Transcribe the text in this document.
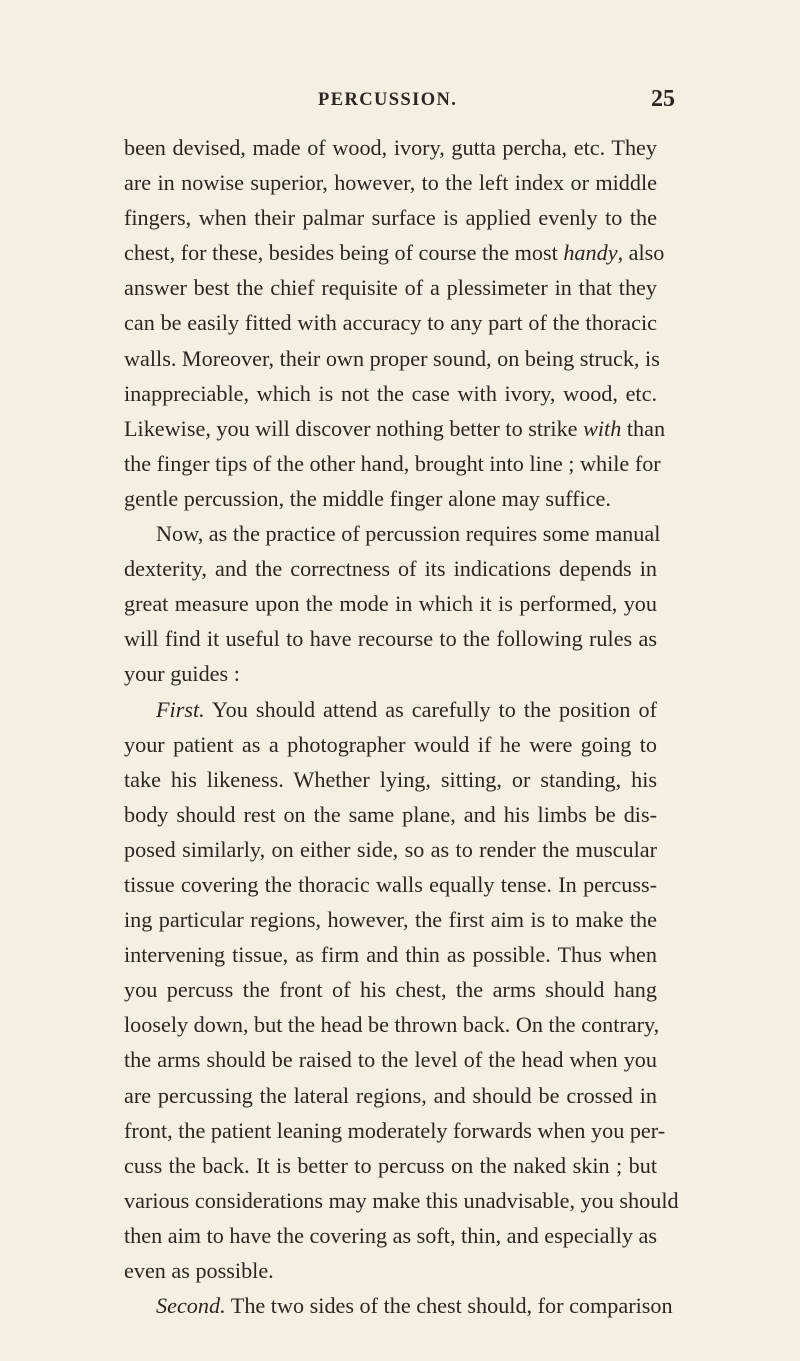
PERCUSSION.	25
been devised, made of wood, ivory, gutta percha, etc. They
are in nowise superior, however, to the left index or middle
fingers, when their palmar surface is applied evenly to the
chest, for these, besides being of course the most handy, also
answer best the chief requisite of a plessimeter in that they
can be easily fitted with accuracy to any part of the thoracic
walls. Moreover, their own proper sound, on being struck, is
inappreciable, which is not the case with ivory, wood, etc.
Likewise, you will discover nothing better to strike with than
the finger tips of the other hand, brought into line ; while for
gentle percussion, the middle finger alone may suffice.
Now, as the practice of percussion requires some manual
dexterity, and the correctness of its indications depends in
great measure upon the mode in which it is performed, you
will find it useful to have recourse to the following rules as
your guides :
First. You should attend as carefully to the position of
your patient as a photographer would if he were going to
take his likeness. Whether lying, sitting, or standing, his
body should rest on the same plane, and his limbs be dis-
posed similarly, on either side, so as to render the muscular
tissue covering the thoracic walls equally tense. In percuss-
ing particular regions, however, the first aim is to make the
intervening tissue, as firm and thin as possible. Thus when
you percuss the front of his chest, the arms should hang
loosely down, but the head be thrown back. On the contrary,
the arms should be raised to the level of the head when you
are percussing the lateral regions, and should be crossed in
front, the patient leaning moderately forwards when you per-
cuss the back. It is better to percuss on the naked skin ; but
various considerations may make this unadvisable, you should
then aim to have the covering as soft, thin, and especially as
even as possible.
Second. The two sides of the chest should, for comparison
